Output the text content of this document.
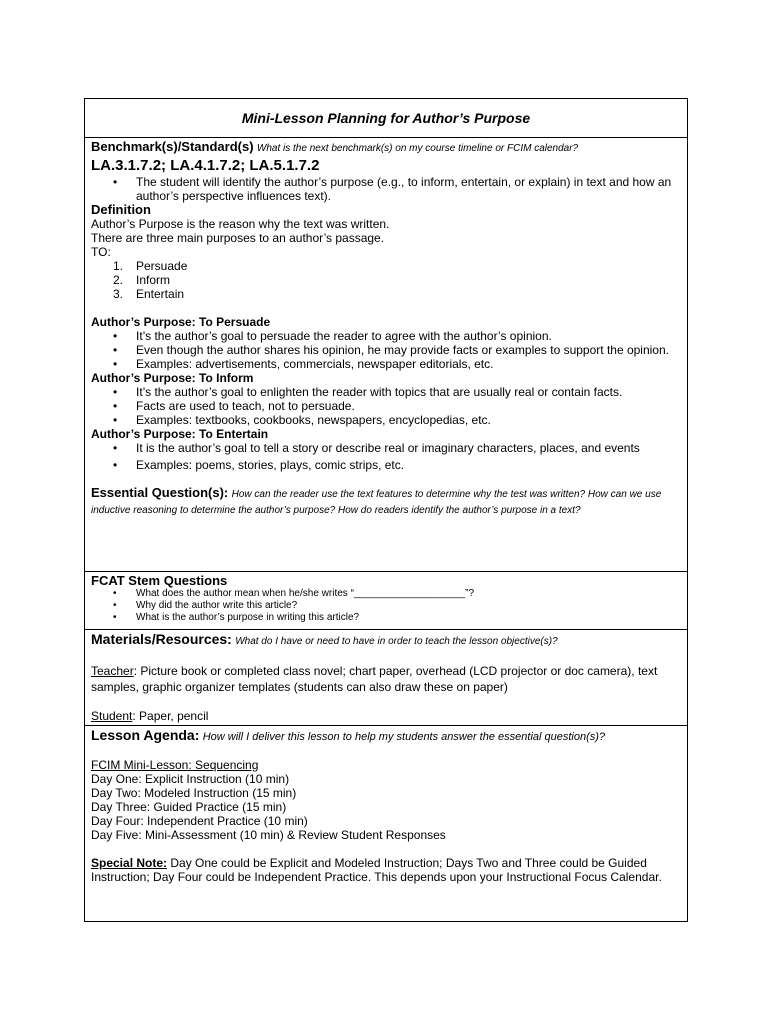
Mini-Lesson Planning for Author’s Purpose
Benchmark(s)/Standard(s) What is the next benchmark(s) on my course timeline or FCIM calendar?
LA.3.1.7.2; LA.4.1.7.2; LA.5.1.7.2
• The student will identify the author’s purpose (e.g., to inform, entertain, or explain) in text and how an author’s perspective influences text).
Definition
Author’s Purpose is the reason why the text was written.
There are three main purposes to an author’s passage.
TO:
1. Persuade
2. Inform
3. Entertain
Author’s Purpose: To Persuade
• It’s the author’s goal to persuade the reader to agree with the author’s opinion.
• Even though the author shares his opinion, he may provide facts or examples to support the opinion.
• Examples: advertisements, commercials, newspaper editorials, etc.
Author’s Purpose: To Inform
• It’s the author’s goal to enlighten the reader with topics that are usually real or contain facts.
• Facts are used to teach, not to persuade.
• Examples: textbooks, cookbooks, newspapers, encyclopedias, etc.
Author’s Purpose: To Entertain
• It is the author’s goal to tell a story or describe real or imaginary characters, places, and events
• Examples: poems, stories, plays, comic strips, etc.
Essential Question(s): How can the reader use the text features to determine why the test was written? How can we use inductive reasoning to determine the author’s purpose? How do readers identify the author’s purpose in a text?
FCAT Stem Questions
• What does the author mean when he/she writes “____________________”?
• Why did the author write this article?
• What is the author’s purpose in writing this article?
Materials/Resources: What do I have or need to have in order to teach the lesson objective(s)?
Teacher: Picture book or completed class novel; chart paper, overhead (LCD projector or doc camera), text samples, graphic organizer templates (students can also draw these on paper)
Student: Paper, pencil
Lesson Agenda: How will I deliver this lesson to help my students answer the essential question(s)?
FCIM Mini-Lesson: Sequencing
Day One: Explicit Instruction (10 min)
Day Two: Modeled Instruction (15 min)
Day Three: Guided Practice (15 min)
Day Four: Independent Practice (10 min)
Day Five: Mini-Assessment (10 min) & Review Student Responses
Special Note: Day One could be Explicit and Modeled Instruction; Days Two and Three could be Guided Instruction; Day Four could be Independent Practice. This depends upon your Instructional Focus Calendar.
